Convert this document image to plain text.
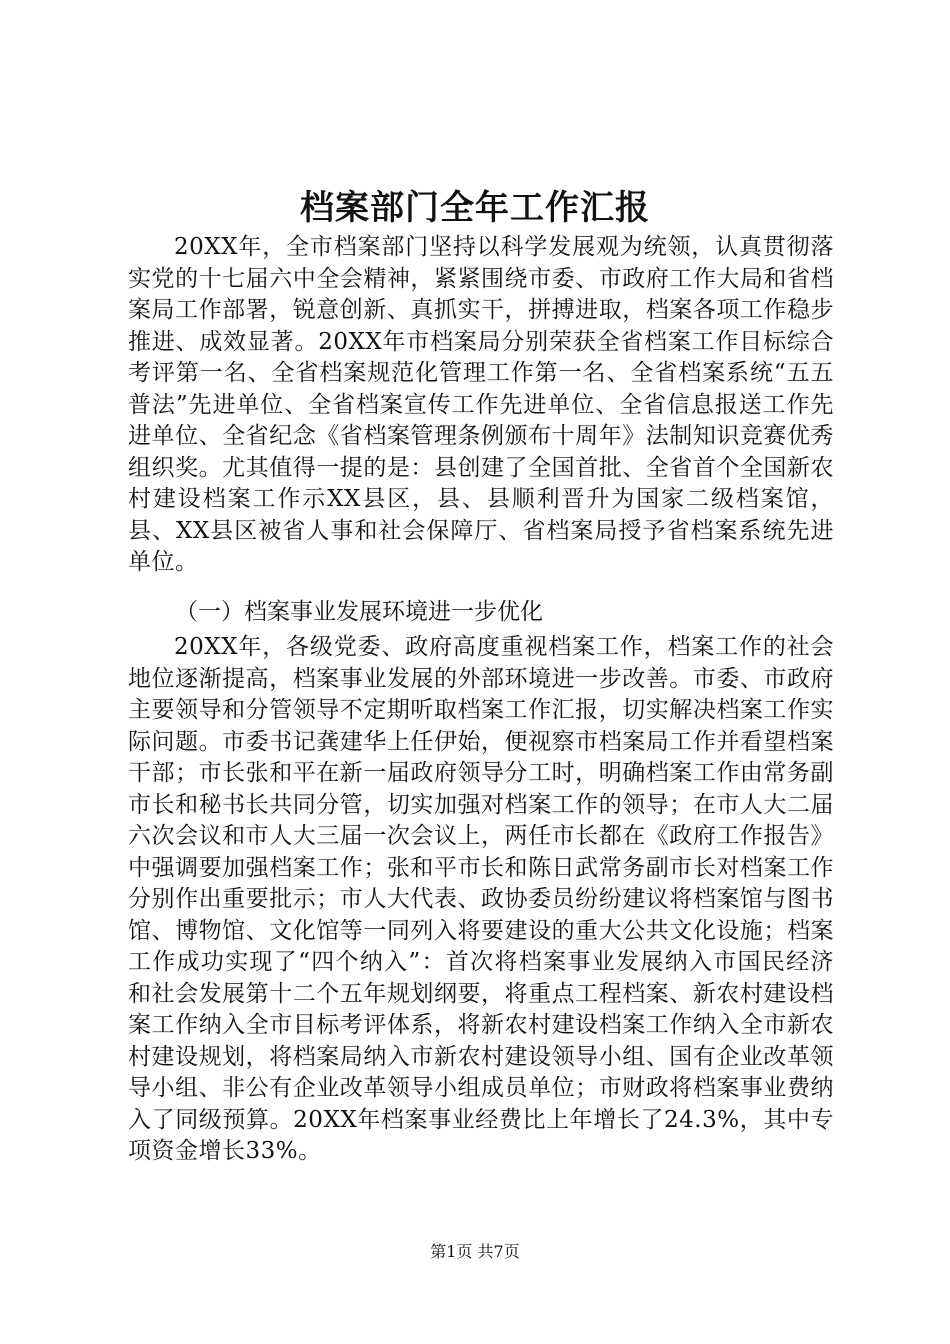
档案部门全年工作汇报

20XX年，全市档案部门坚持以科学发展观为统领，认真贯彻落实党的十七届六中全会精神，紧紧围绕市委、市政府工作大局和省档案局工作部署，锐意创新、真抓实干，拼搏进取，档案各项工作稳步推进、成效显著。20XX年市档案局分别荣获全省档案工作目标综合考评第一名、全省档案规范化管理工作第一名、全省档案系统“五五普法”先进单位、全省档案宣传工作先进单位、全省信息报送工作先进单位、全省纪念《省档案管理条例颁布十周年》法制知识竞赛优秀组织奖。尤其值得一提的是：县创建了全国首批、全省首个全国新农村建设档案工作示XX县区，县、县顺利晋升为国家二级档案馆，县、XX县区被省人事和社会保障厅、省档案局授予省档案系统先进单位。

（一）档案事业发展环境进一步优化

20XX年，各级党委、政府高度重视档案工作，档案工作的社会地位逐渐提高，档案事业发展的外部环境进一步改善。市委、市政府主要领导和分管领导不定期听取档案工作汇报，切实解决档案工作实际问题。市委书记龚建华上任伊始，便视察市档案局工作并看望档案干部；市长张和平在新一届政府领导分工时，明确档案工作由常务副市长和秘书长共同分管，切实加强对档案工作的领导；在市人大二届六次会议和市人大三届一次会议上，两任市长都在《政府工作报告》中强调要加强档案工作；张和平市长和陈日武常务副市长对档案工作分别作出重要批示；市人大代表、政协委员纷纷建议将档案馆与图书馆、博物馆、文化馆等一同列入将要建设的重大公共文化设施；档案工作成功实现了“四个纳入”：首次将档案事业发展纳入市国民经济和社会发展第十二个五年规划纲要，将重点工程档案、新农村建设档案工作纳入全市目标考评体系，将新农村建设档案工作纳入全市新农村建设规划，将档案局纳入市新农村建设领导小组、国有企业改革领导小组、非公有企业改革领导小组成员单位；市财政将档案事业费纳入了同级预算。20XX年档案事业经费比上年增长了24.3%，其中专项资金增长33%。

第1页 共7页
